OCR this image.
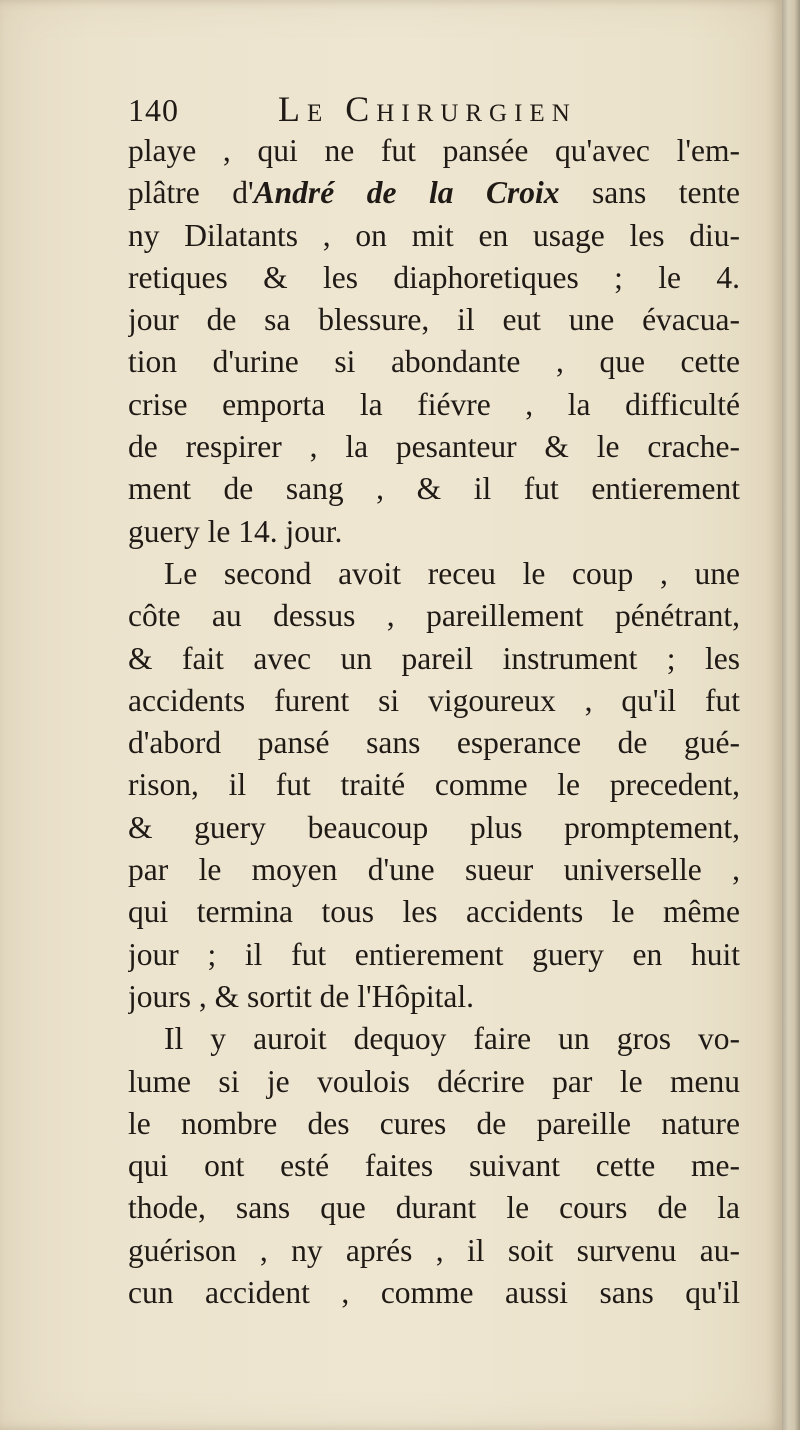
140	Le Chirurgien
playe , qui ne fut pansée qu'avec l'em-
plâtre d'André de la Croix sans tente
ny Dilatants , on mit en usage les diu-
retiques & les diaphoretiques ; le 4.
jour de sa blessure, il eut une évacua-
tion d'urine si abondante , que cette
crise emporta la fiévre , la difficulté
de respirer , la pesanteur & le crache-
ment de sang , & il fut entierement
guery le 14. jour.
Le second avoit receu le coup , une
côte au dessus , pareillement pénétrant,
& fait avec un pareil instrument ; les
accidents furent si vigoureux , qu'il fut
d'abord pansé sans esperance de gué-
rison, il fut traité comme le precedent,
& guery beaucoup plus promptement,
par le moyen d'une sueur universelle ,
qui termina tous les accidents le même
jour ; il fut entierement guery en huit
jours , & sortit de l'Hôpital.
Il y auroit dequoy faire un gros vo-
lume si je voulois décrire par le menu
le nombre des cures de pareille nature
qui ont esté faites suivant cette me-
thode, sans que durant le cours de la
guérison , ny aprés , il soit survenu au-
cun accident , comme aussi sans qu'il
